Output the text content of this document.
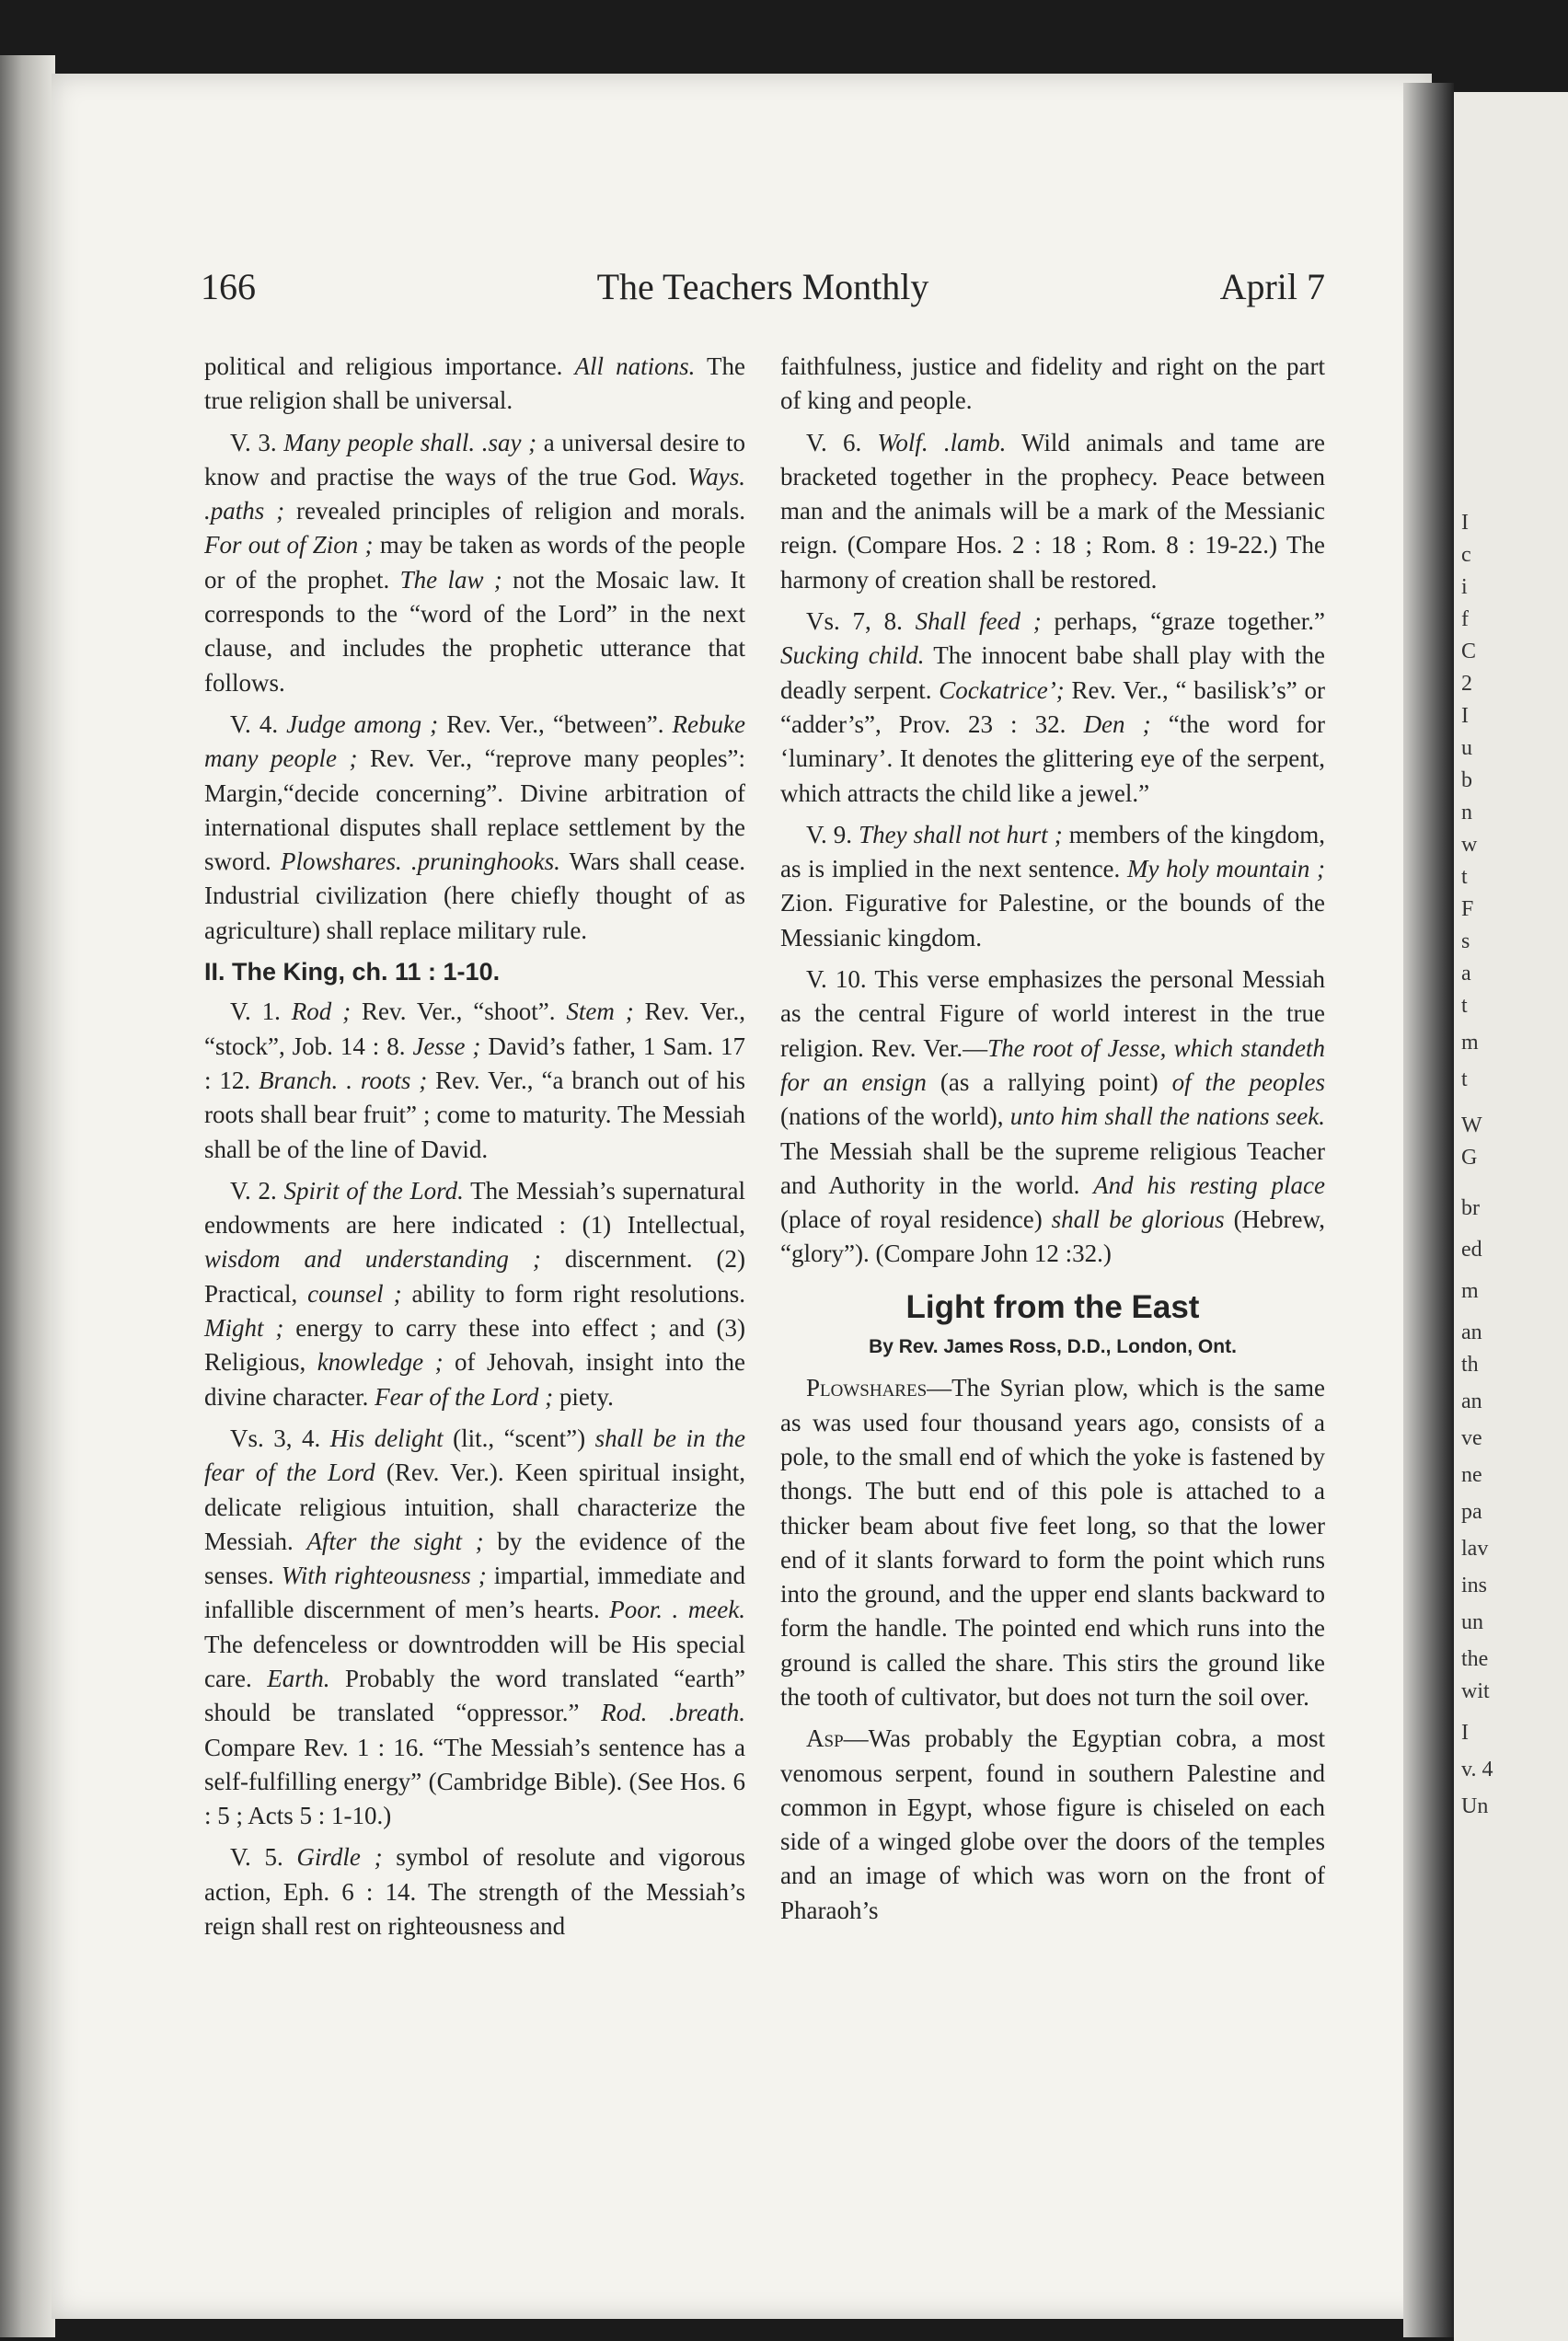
I
c
i
f
C
2
I
u
b
n
w
t
F
s
a
t
m
t
W
G
br
ed
m
an
th
an
ve
ne
pa
lav
ins
un
the
wit
I
v. 4
Un
166	The Teachers Monthly	April 7

political and religious importance. All nations. The true religion shall be universal.

V. 3. Many people shall. .say ; a universal desire to know and practise the ways of the true God. Ways. .paths ; revealed principles of religion and morals. For out of Zion ; may be taken as words of the people or of the prophet. The law ; not the Mosaic law. It corresponds to the “word of the Lord” in the next clause, and includes the prophetic utterance that follows.

V. 4. Judge among ; Rev. Ver., “between”. Rebuke many people ; Rev. Ver., “reprove many peoples”: Margin,“decide concerning”. Divine arbitration of international disputes shall replace settlement by the sword. Plowshares. .pruninghooks. Wars shall cease. Industrial civilization (here chiefly thought of as agriculture) shall replace military rule.

II. The King, ch. 11 : 1-10.

V. 1. Rod ; Rev. Ver., “shoot”. Stem ; Rev. Ver., “stock”, Job. 14 : 8. Jesse ; David’s father, 1 Sam. 17 : 12. Branch. . roots ; Rev. Ver., “a branch out of his roots shall bear fruit” ; come to maturity. The Messiah shall be of the line of David.

V. 2. Spirit of the Lord. The Messiah’s supernatural endowments are here indicated : (1) Intellectual, wisdom and understanding ; discernment. (2) Practical, counsel ; ability to form right resolutions. Might ; energy to carry these into effect ; and (3) Religious, knowledge ; of Jehovah, insight into the divine character. Fear of the Lord ; piety.

Vs. 3, 4. His delight (lit., “scent”) shall be in the fear of the Lord (Rev. Ver.). Keen spiritual insight, delicate religious intuition, shall characterize the Messiah. After the sight ; by the evidence of the senses. With righteousness ; impartial, immediate and infallible discernment of men’s hearts. Poor. . meek. The defenceless or downtrodden will be His special care. Earth. Probably the word translated “earth” should be translated “oppressor.” Rod. .breath. Compare Rev. 1 : 16. “The Messiah’s sentence has a self-fulfilling energy” (Cambridge Bible). (See Hos. 6 : 5 ; Acts 5 : 1-10.)

V. 5. Girdle ; symbol of resolute and vigorous action, Eph. 6 : 14. The strength of the Messiah’s reign shall rest on righteousness and

faithfulness, justice and fidelity and right on the part of king and people.

V. 6. Wolf. .lamb. Wild animals and tame are bracketed together in the prophecy. Peace between man and the animals will be a mark of the Messianic reign. (Compare Hos. 2 : 18 ; Rom. 8 : 19-22.) The harmony of creation shall be restored.

Vs. 7, 8. Shall feed ; perhaps, “graze together.” Sucking child. The innocent babe shall play with the deadly serpent. Cockatrice’; Rev. Ver., “ basilisk’s” or “adder’s”, Prov. 23 : 32. Den ; “the word for ‘luminary’. It denotes the glittering eye of the serpent, which attracts the child like a jewel.”

V. 9. They shall not hurt ; members of the kingdom, as is implied in the next sentence. My holy mountain ; Zion. Figurative for Palestine, or the bounds of the Messianic kingdom.

V. 10. This verse emphasizes the personal Messiah as the central Figure of world interest in the true religion. Rev. Ver.—The root of Jesse, which standeth for an ensign (as a rallying point) of the peoples (nations of the world), unto him shall the nations seek. The Messiah shall be the supreme religious Teacher and Authority in the world. And his resting place (place of royal residence) shall be glorious (Hebrew, “glory”). (Compare John 12 :32.)

Light from the East
By Rev. James Ross, D.D., London, Ont.

Plowshares—The Syrian plow, which is the same as was used four thousand years ago, consists of a pole, to the small end of which the yoke is fastened by thongs. The butt end of this pole is attached to a thicker beam about five feet long, so that the lower end of it slants forward to form the point which runs into the ground, and the upper end slants backward to form the handle. The pointed end which runs into the ground is called the share. This stirs the ground like the tooth of cultivator, but does not turn the soil over.

Asp—Was probably the Egyptian cobra, a most venomous serpent, found in southern Palestine and common in Egypt, whose figure is chiseled on each side of a winged globe over the doors of the temples and an image of which was worn on the front of Pharaoh’s
